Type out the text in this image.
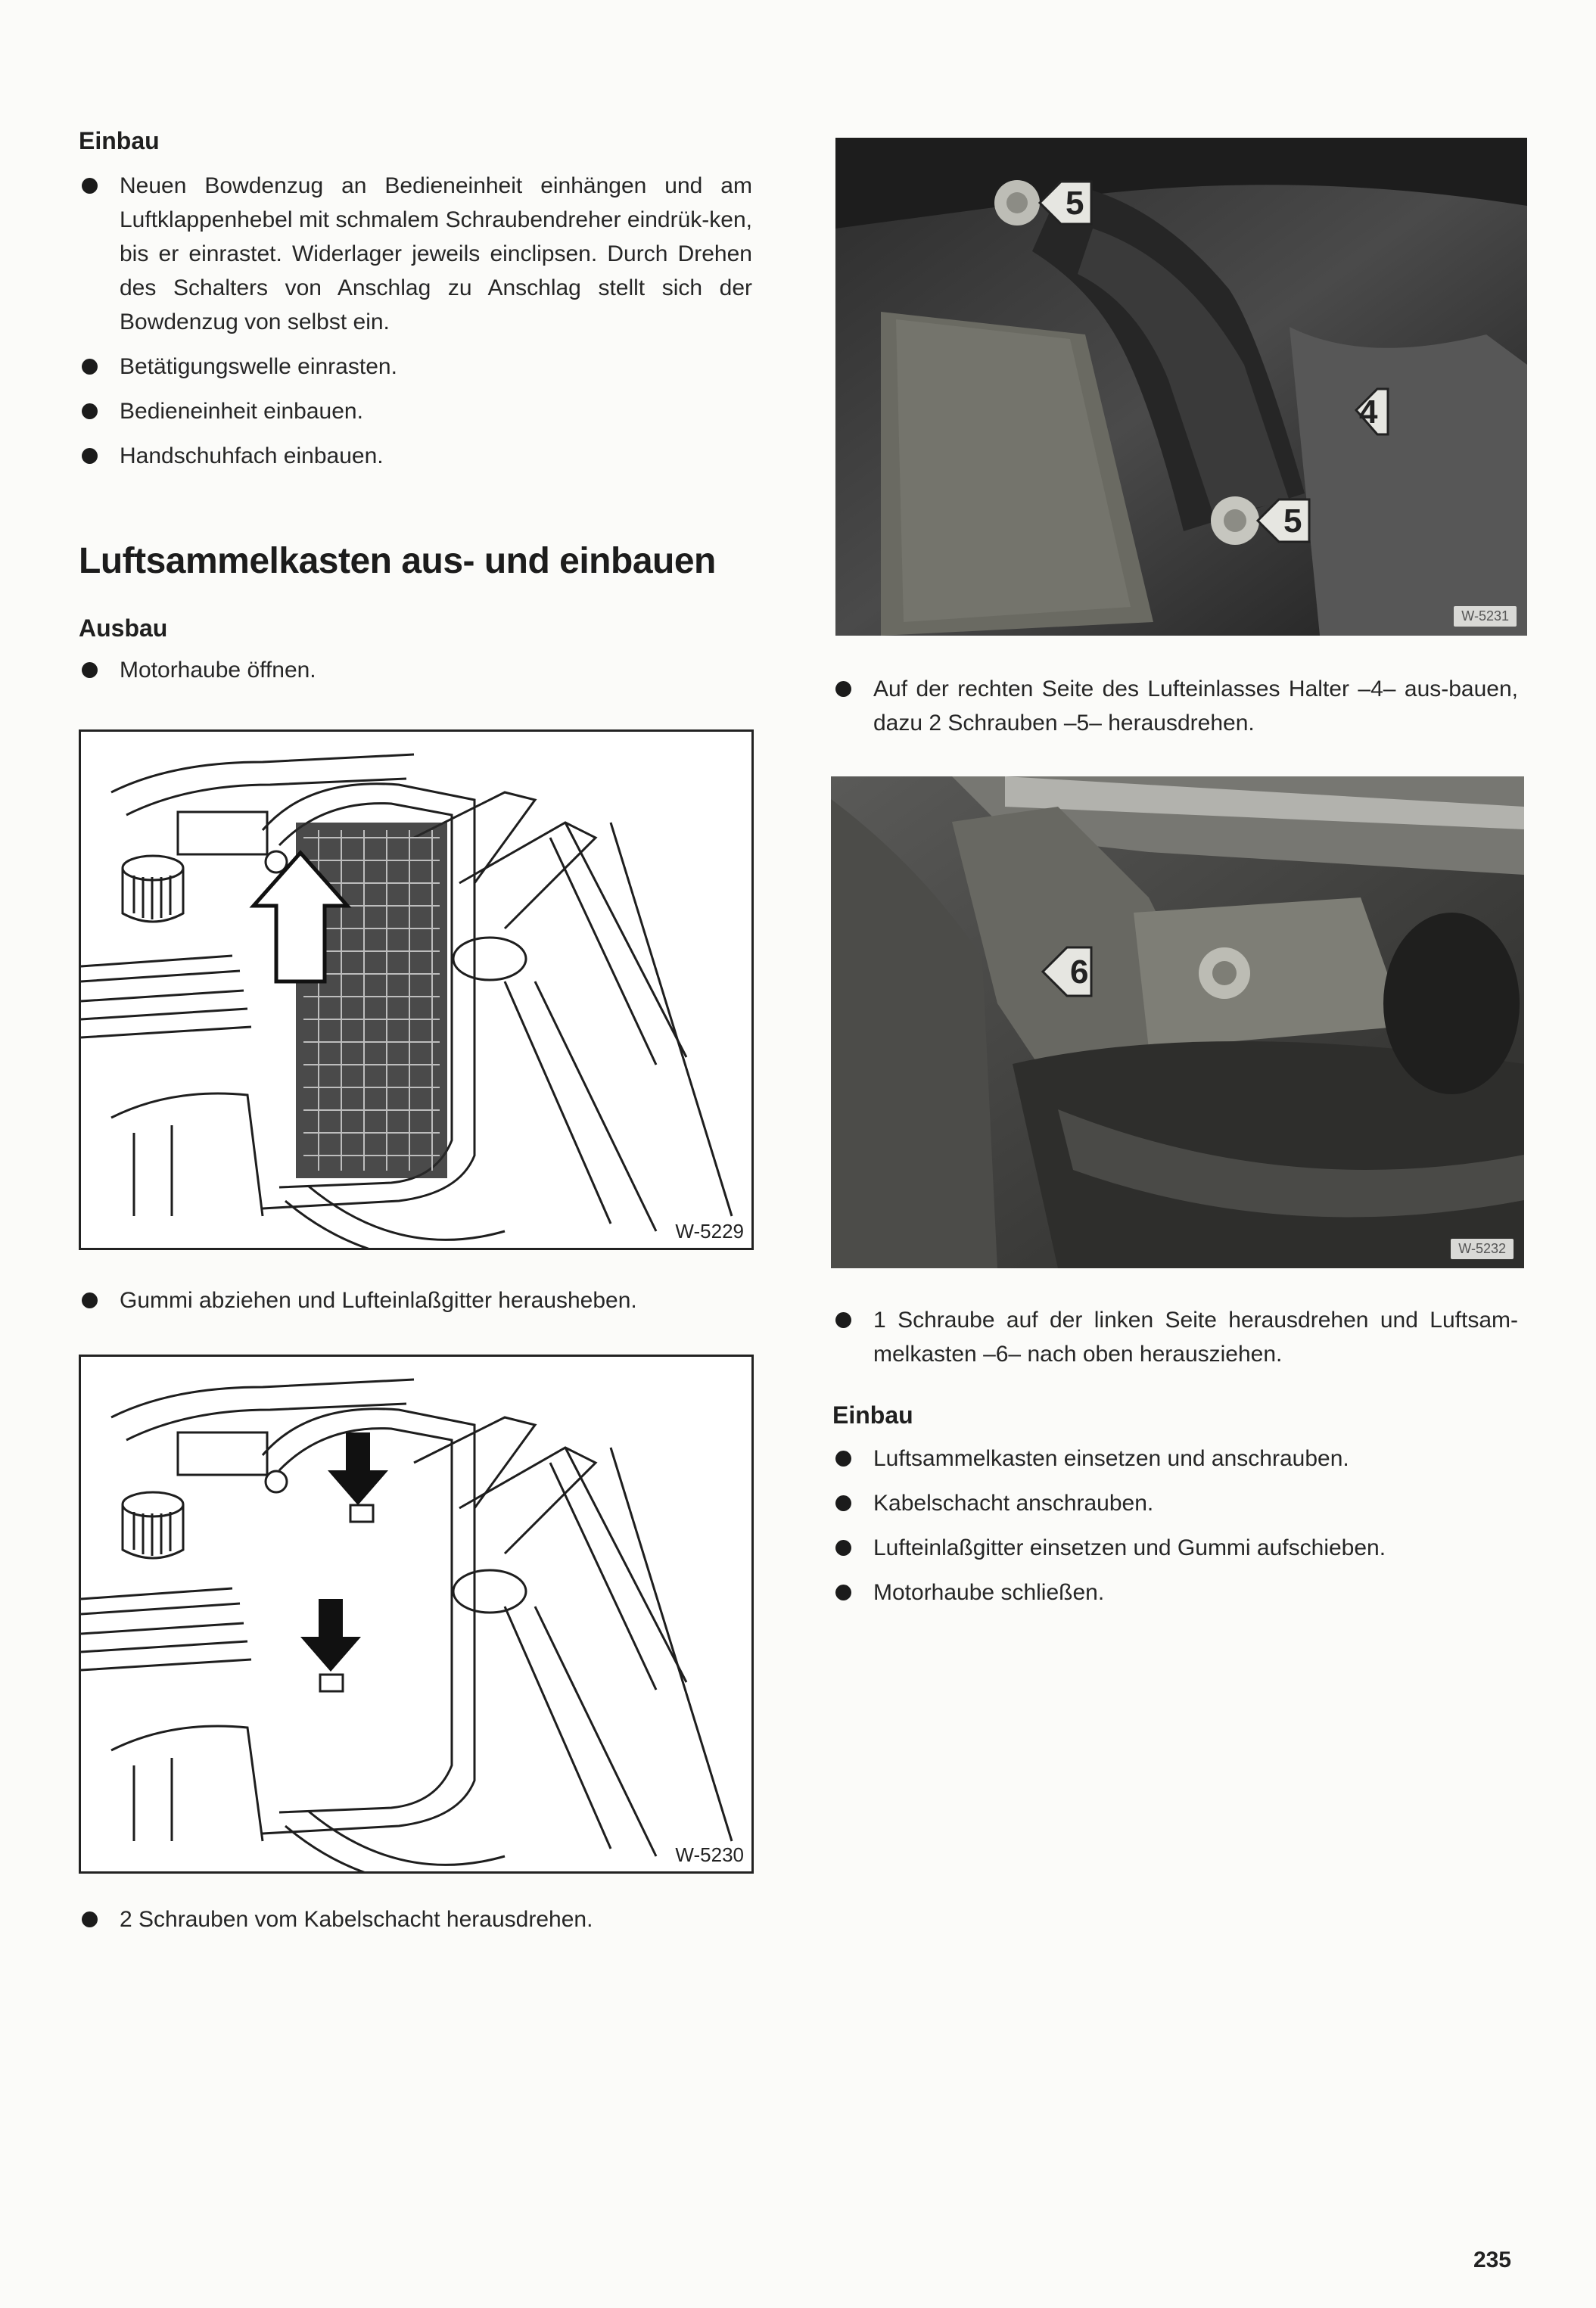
Einbau
Neuen Bowdenzug an Bedieneinheit einhängen und am Luftklappenhebel mit schmalem Schraubendreher eindrük-ken, bis er einrastet. Widerlager jeweils einclipsen. Durch Drehen des Schalters von Anschlag zu Anschlag stellt sich der Bowdenzug von selbst ein.
Betätigungswelle einrasten.
Bedieneinheit einbauen.
Handschuhfach einbauen.
Luftsammelkasten aus- und einbauen
Ausbau
Motorhaube öffnen.
W-5229
Gummi abziehen und Lufteinlaßgitter herausheben.
W-5230
2 Schrauben vom Kabelschacht herausdrehen.
5
4
5
W-5231
Auf der rechten Seite des Lufteinlasses Halter –4– aus-bauen, dazu 2 Schrauben –5– herausdrehen.
6
W-5232
1 Schraube auf der linken Seite herausdrehen und Luftsam-melkasten –6– nach oben herausziehen.
Einbau
Luftsammelkasten einsetzen und anschrauben.
Kabelschacht anschrauben.
Lufteinlaßgitter einsetzen und Gummi aufschieben.
Motorhaube schließen.
235
